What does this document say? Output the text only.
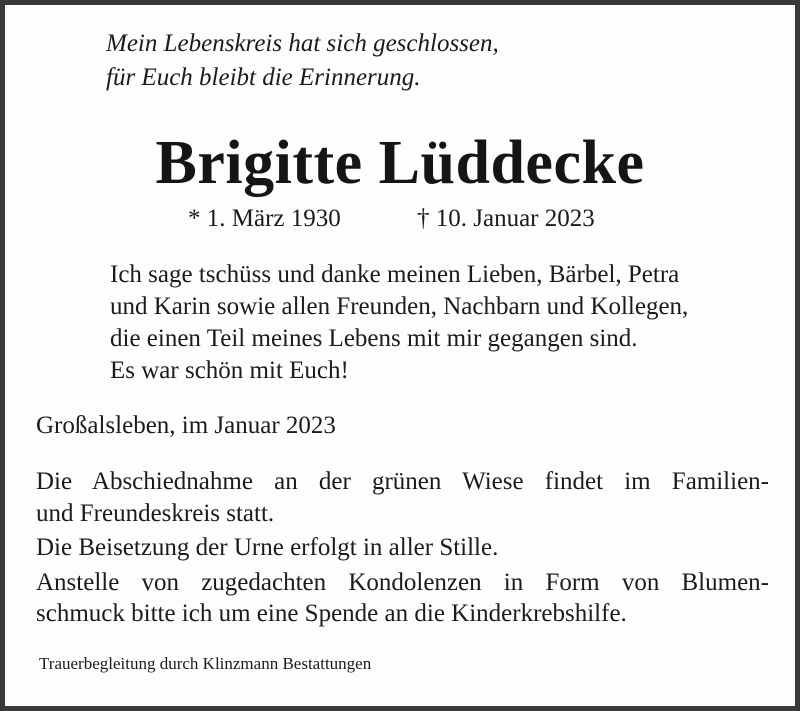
Mein Lebenskreis hat sich geschlossen,
für Euch bleibt die Erinnerung.
Brigitte Lüddecke
* 1. März 1930	† 10. Januar 2023
Ich sage tschüss und danke meinen Lieben, Bärbel, Petra
und Karin sowie allen Freunden, Nachbarn und Kollegen,
die einen Teil meines Lebens mit mir gegangen sind.
Es war schön mit Euch!
Großalsleben, im Januar 2023
Die Abschiednahme an der grünen Wiese findet im Familien-
und Freundeskreis statt.
Die Beisetzung der Urne erfolgt in aller Stille.
Anstelle von zugedachten Kondolenzen in Form von Blumen-
schmuck bitte ich um eine Spende an die Kinderkrebshilfe.
Trauerbegleitung durch Klinzmann Bestattungen
